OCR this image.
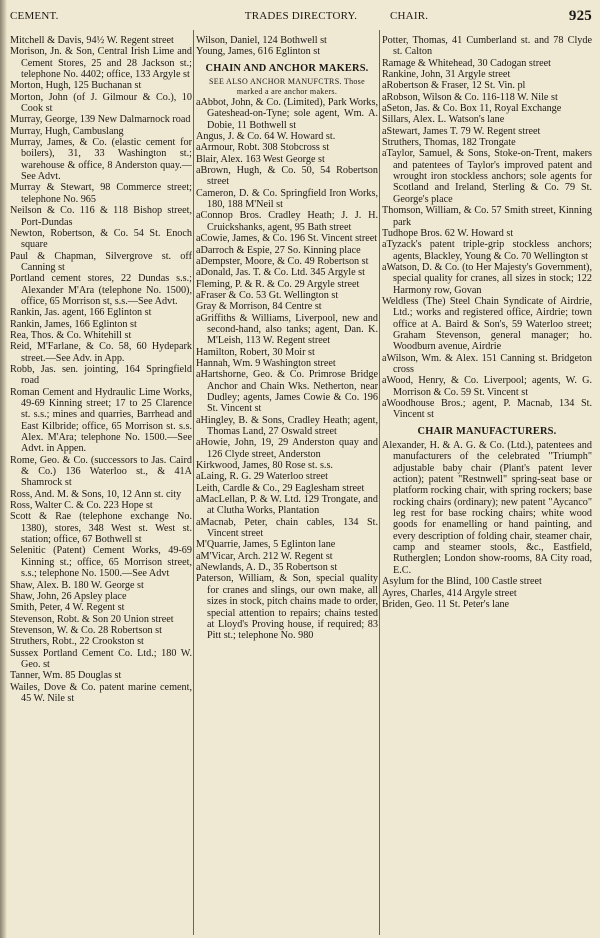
CEMENT.	TRADES DIRECTORY.	CHAIR.	925

Mitchell & Davis, 94½ W. Regent street

Morison, Jn. & Son, Central Irish Lime and Cement Stores, 25 and 28 Jackson st.; telephone No. 4402; office, 133 Argyle st

Morton, Hugh, 125 Buchanan st

Morton, John (of J. Gilmour & Co.), 10 Cook st

Murray, George, 139 New Dalmarnock road

Murray, Hugh, Cambuslang

Murray, James, & Co. (elastic cement for boilers), 31, 33 Washington st.; warehouse & office, 8 Anderston quay.—See Advt.

Murray & Stewart, 98 Commerce street; telephone No. 965

Neilson & Co. 116 & 118 Bishop street, Port-Dundas

Newton, Robertson, & Co. 54 St. Enoch square

Paul & Chapman, Silvergrove st. off Canning st

Portland cement stores, 22 Dundas s.s.; Alexander M'Ara (telephone No. 1500), office, 65 Morrison st, s.s.—See Advt.

Rankin, Jas. agent, 166 Eglinton st

Rankin, James, 166 Eglinton st

Rea, Thos. & Co. Whitehill st

Reid, M'Farlane, & Co. 58, 60 Hydepark street.—See Adv. in App.

Robb, Jas. sen. jointing, 164 Springfield road

Roman Cement and Hydraulic Lime Works, 49-69 Kinning street; 17 to 25 Clarence st. s.s.; mines and quarries, Barrhead and East Kilbride; office, 65 Morrison st. s.s. Alex. M'Ara; telephone No. 1500.—See Advt. in Appen.

Rome, Geo. & Co. (successors to Jas. Caird & Co.) 136 Waterloo st., & 41A Shamrock st

Ross, And. M. & Sons, 10, 12 Ann st. city

Ross, Walter C. & Co. 223 Hope st

Scott & Rae (telephone exchange No. 1380), stores, 348 West st. West st. station; office, 67 Bothwell st

Selenitic (Patent) Cement Works, 49-69 Kinning st.; office, 65 Morrison street, s.s.; telephone No. 1500.—See Advt

Shaw, Alex. B. 180 W. George st

Shaw, John, 26 Apsley place

Smith, Peter, 4 W. Regent st

Stevenson, Robt. & Son 20 Union street

Stevenson, W. & Co. 28 Robertson st

Struthers, Robt., 22 Crookston st

Sussex Portland Cement Co. Ltd.; 180 W. Geo. st

Tanner, Wm. 85 Douglas st

Wailes, Dove & Co. patent marine cement, 45 W. Nile st

Wilson, Daniel, 124 Bothwell st

Young, James, 616 Eglinton st

CHAIN AND ANCHOR MAKERS.
SEE ALSO ANCHOR MANUFCTRS. Those marked a are anchor makers.

aAbbot, John, & Co. (Limited), Park Works, Gateshead-on-Tyne; sole agent, Wm. A. Dobie, 11 Bothwell st

Angus, J. & Co. 64 W. Howard st.

aArmour, Robt. 308 Stobcross st

Blair, Alex. 163 West George st

aBrown, Hugh, & Co. 50, 54 Robertson street

Cameron, D. & Co. Springfield Iron Works, 180, 188 M'Neil st

aConnop Bros. Cradley Heath; J. J. H. Cruickshanks, agent, 95 Bath street

aCowie, James, & Co. 196 St. Vincent street

aDarroch & Espie, 27 So. Kinning place

aDempster, Moore, & Co. 49 Robertson st

aDonald, Jas. T. & Co. Ltd. 345 Argyle st

Fleming, P. & R. & Co. 29 Argyle street

aFraser & Co. 53 Gt. Wellington st

Gray & Morrison, 84 Centre st

aGriffiths & Williams, Liverpool, new and second-hand, also tanks; agent, Dan. K. M'Leish, 113 W. Regent street

Hamilton, Robert, 30 Moir st

Hannah, Wm. 9 Washington street

aHartshorne, Geo. & Co. Primrose Bridge Anchor and Chain Wks. Netherton, near Dudley; agents, James Cowie & Co. 196 St. Vincent st

aHingley, B. & Sons, Cradley Heath; agent, Thomas Land, 27 Oswald street

aHowie, John, 19, 29 Anderston quay and 126 Clyde street, Anderston

Kirkwood, James, 80 Rose st. s.s.

aLaing, R. G. 29 Waterloo street

Leith, Cardle & Co., 29 Eaglesham street

aMacLellan, P. & W. Ltd. 129 Trongate, and at Clutha Works, Plantation

aMacnab, Peter, chain cables, 134 St. Vincent street

M'Quarrie, James, 5 Eglinton lane

aM'Vicar, Arch. 212 W. Regent st

aNewlands, A. D., 35 Robertson st

Paterson, William, & Son, special quality for cranes and slings, our own make, all sizes in stock, pitch chains made to order, special attention to repairs; chains tested at Lloyd's Proving house, if required; 83 Pitt st.; telephone No. 980

Potter, Thomas, 41 Cumberland st. and 78 Clyde st. Calton

Ramage & Whitehead, 30 Cadogan street

Rankine, John, 31 Argyle street

aRobertson & Fraser, 12 St. Vin. pl

aRobson, Wilson & Co. 116-118 W. Nile st

aSeton, Jas. & Co. Box 11, Royal Exchange

Sillars, Alex. L. Watson's lane

aStewart, James T. 79 W. Regent street

Struthers, Thomas, 182 Trongate

aTaylor, Samuel, & Sons, Stoke-on-Trent, makers and patentees of Taylor's improved patent and wrought iron stockless anchors; sole agents for Scotland and Ireland, Sterling & Co. 79 St. George's place

Thomson, William, & Co. 57 Smith street, Kinning park

Tudhope Bros. 62 W. Howard st

aTyzack's patent triple-grip stockless anchors; agents, Blackley, Young & Co. 70 Wellington st

aWatson, D. & Co. (to Her Majesty's Government), special quality for cranes, all sizes in stock; 122 Harmony row, Govan

Weldless (The) Steel Chain Syndicate of Airdrie, Ltd.; works and registered office, Airdrie; town office at A. Baird & Son's, 59 Waterloo street; Graham Stevenson, general manager; ho. Woodburn avenue, Airdrie

aWilson, Wm. & Alex. 151 Canning st. Bridgeton cross

aWood, Henry, & Co. Liverpool; agents, W. G. Morrison & Co. 59 St. Vincent st

aWoodhouse Bros.; agent, P. Macnab, 134 St. Vincent st

CHAIR MANUFACTURERS.

Alexander, H. & A. G. & Co. (Ltd.), patentees and manufacturers of the celebrated "Triumph" adjustable baby chair (Plant's patent lever action); patent "Restnwell" spring-seat base or platform rocking chair, with spring rockers; base rocking chairs (ordinary); new patent "Aycanco" leg rest for base rocking chairs; white wood goods for enamelling or hand painting, and every description of folding chair, steamer chair, camp and steamer stools, &c., Eastfield, Rutherglen; London show-rooms, 8A City road, E.C.

Asylum for the Blind, 100 Castle street

Ayres, Charles, 414 Argyle street

Briden, Geo. 11 St. Peter's lane
